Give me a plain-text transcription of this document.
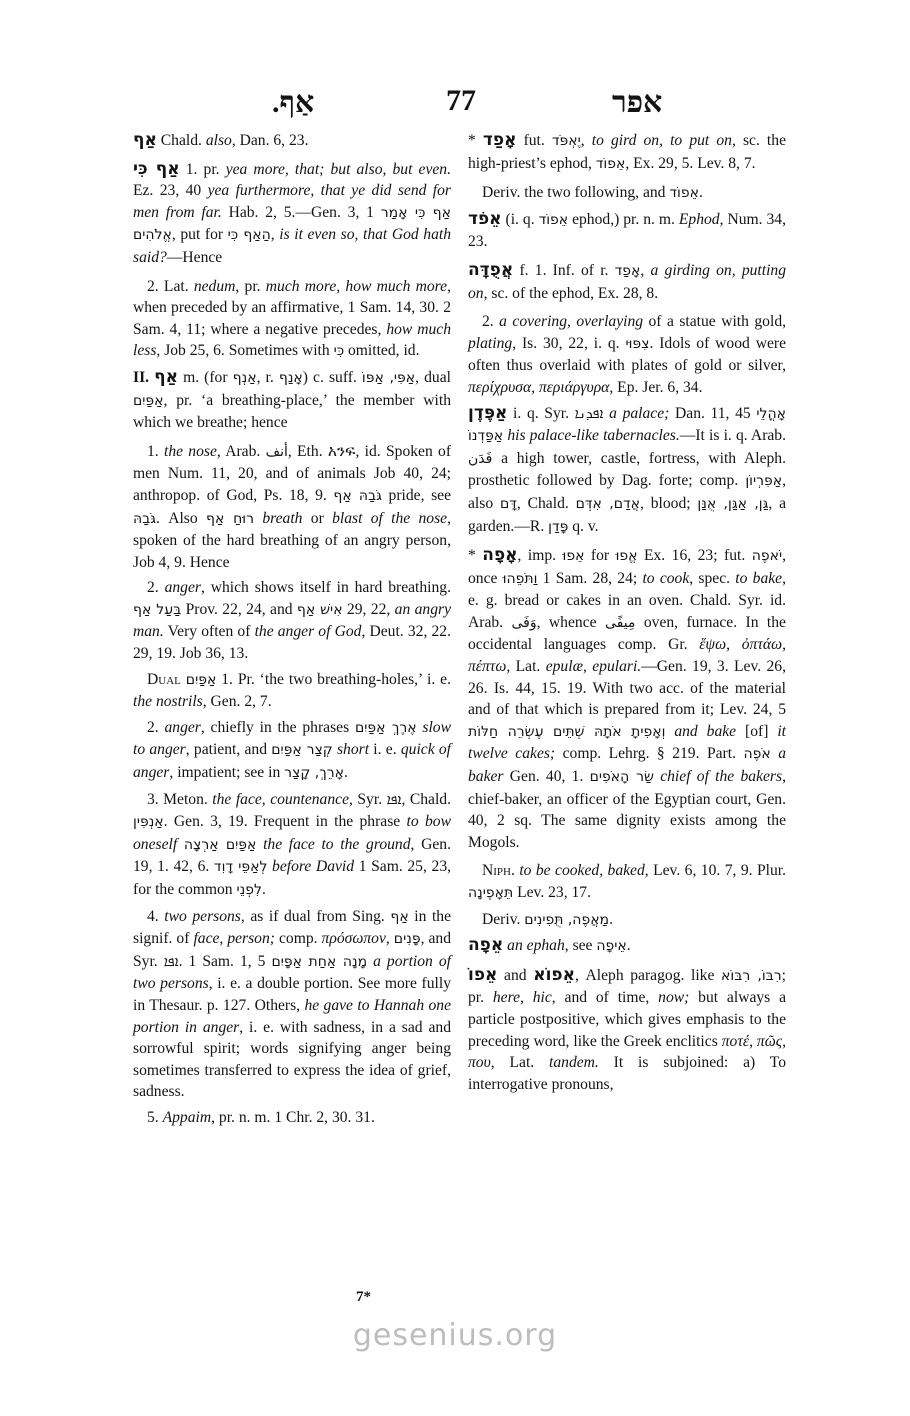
אַף.	77	אפר

אַף Chald. also, Dan. 6, 23.

אַף כִּי 1. pr. yea more, that; but also, but even. Ez. 23, 40 yea furthermore, that ye did send for men from far. Hab. 2, 5.—Gen. 3, 1 אַף כִּי אָמַר אֱלֹהִים, put for הַאַף כִּי, is it even so, that God hath said?—Hence

2. Lat. nedum, pr. much more, how much more, when preceded by an affirmative, 1 Sam. 14, 30. 2 Sam. 4, 11; where a negative precedes, how much less, Job 25, 6. Sometimes with כִּי omitted, id.

II. אַף m. (for אַנְף, r. אָנַף) c. suff. אַפִּי, אַפּוֹ, dual אַפַּיִם, pr. ‘a breathing-place,’ the member with which we breathe; hence

1. the nose, Arab. أنف, Eth. አንፍ, id. Spoken of men Num. 11, 20, and of animals Job 40, 24; anthropop. of God, Ps. 18, 9. גֹּבַהּ אַף pride, see גֹּבַהּ. Also רוּחַ אַף breath or blast of the nose, spoken of the hard breathing of an angry person, Job 4, 9. Hence

2. anger, which shows itself in hard breathing. בַּעַל אַף Prov. 22, 24, and אִישׁ אַף 29, 22, an angry man. Very often of the anger of God, Deut. 32, 22. 29, 19. Job 36, 13.

Dual אַפַּיִם 1. Pr. ‘the two breathing-holes,’ i. e. the nostrils, Gen. 2, 7.

2. anger, chiefly in the phrases אֶרֶךְ אַפַּיִם slow to anger, patient, and קְצַר אַפַּיִם short i. e. quick of anger, impatient; see in אָרֵךְ, קָצַר.

3. Meton. the face, countenance, Syr. ܐܦܐ, Chald. אַנְפִּין. Gen. 3, 19. Frequent in the phrase to bow oneself אַפַּיִם אַרְצָה the face to the ground, Gen. 19, 1. 42, 6. לְאַפֵּי דָוִד before David 1 Sam. 25, 23, for the common לִפְנֵי.

4. two persons, as if dual from Sing. אַף in the signif. of face, person; comp. πρόσωπον, פָּנִים, and Syr. ܐܦܐ. 1 Sam. 1, 5 מָנָה אַחַת אַפָּיִם a portion of two persons, i. e. a double portion. See more fully in Thesaur. p. 127. Others, he gave to Hannah one portion in anger, i. e. with sadness, in a sad and sorrowful spirit; words signifying anger being sometimes transferred to express the idea of grief, sadness.

5. Appaim, pr. n. m. 1 Chr. 2, 30. 31.

* אָפַד fut. יֶאְפֹּד, to gird on, to put on, sc. the high-priest’s ephod, אֵפוֹד, Ex. 29, 5. Lev. 8, 7.

Deriv. the two following, and אֵפוֹד.

אֵפֹד (i. q. אֵפוֹד ephod,) pr. n. m. Ephod, Num. 34, 23.

אֲפֻדָּה f. 1. Inf. of r. אָפַד, a girding on, putting on, sc. of the ephod, Ex. 28, 8.

2. a covering, overlaying of a statue with gold, plating, Is. 30, 22, i. q. צִפּוּי. Idols of wood were often thus overlaid with plates of gold or silver, περίχρυσα, περιάργυρα, Ep. Jer. 6, 34.

אַפֶּדֶן i. q. Syr. ܐܦܕܢܐ a palace; Dan. 11, 45 אָהֳלֵי אַפַּדְנוֹ his palace-like tabernacles.—It is i. q. Arab. فَدَن a high tower, castle, fortress, with Aleph. prosthetic followed by Dag. forte; comp. אַפִּרְיוֹן, also דָּם, Chald. אֲדַם, אִדְּם, blood; גַּן, אַגַּן, אֻנַּן, a garden.—R. פָּדַן q. v.

* אָפָה, imp. אֵפוּ for אֱפוּ Ex. 16, 23; fut. יֹאפֶה, once וַתֹּפֵהוּ 1 Sam. 28, 24; to cook, spec. to bake, e. g. bread or cakes in an oven. Chald. Syr. id. Arab. وَفَى, whence مِيفًى oven, furnace. In the occidental languages comp. Gr. ἕψω, ὀπτάω, πέπτω, Lat. epulæ, epulari.—Gen. 19, 3. Lev. 26, 26. Is. 44, 15. 19. With two acc. of the material and of that which is prepared from it; Lev. 24, 5 וְאָפִיתָ אֹתָהּ שְׁתֵּים עֶשְׂרֵה חַלּוֹת and bake [of] it twelve cakes; comp. Lehrg. § 219. Part. אֹפֶה a baker Gen. 40, 1. שַׂר הָאֹפִים chief of the bakers, chief-baker, an officer of the Egyptian court, Gen. 40, 2 sq. The same dignity exists among the Mogols.

Niph. to be cooked, baked, Lev. 6, 10. 7, 9. Plur. תֵּאָפֶינָה Lev. 23, 17.

Deriv. מַאֲפֶה, תֻּפִינִים.

אֵפָה an ephah, see אֵיפָה.

אֵפוֹ and אֵפוֹא, Aleph paragog. like רִבּוֹ, רִבּוֹא; pr. here, hic, and of time, now; but always a particle postpositive, which gives emphasis to the preceding word, like the Greek enclitics ποτέ, πῶς, που, Lat. tandem. It is subjoined: a) To interrogative pronouns,

7*
gesenius.org
